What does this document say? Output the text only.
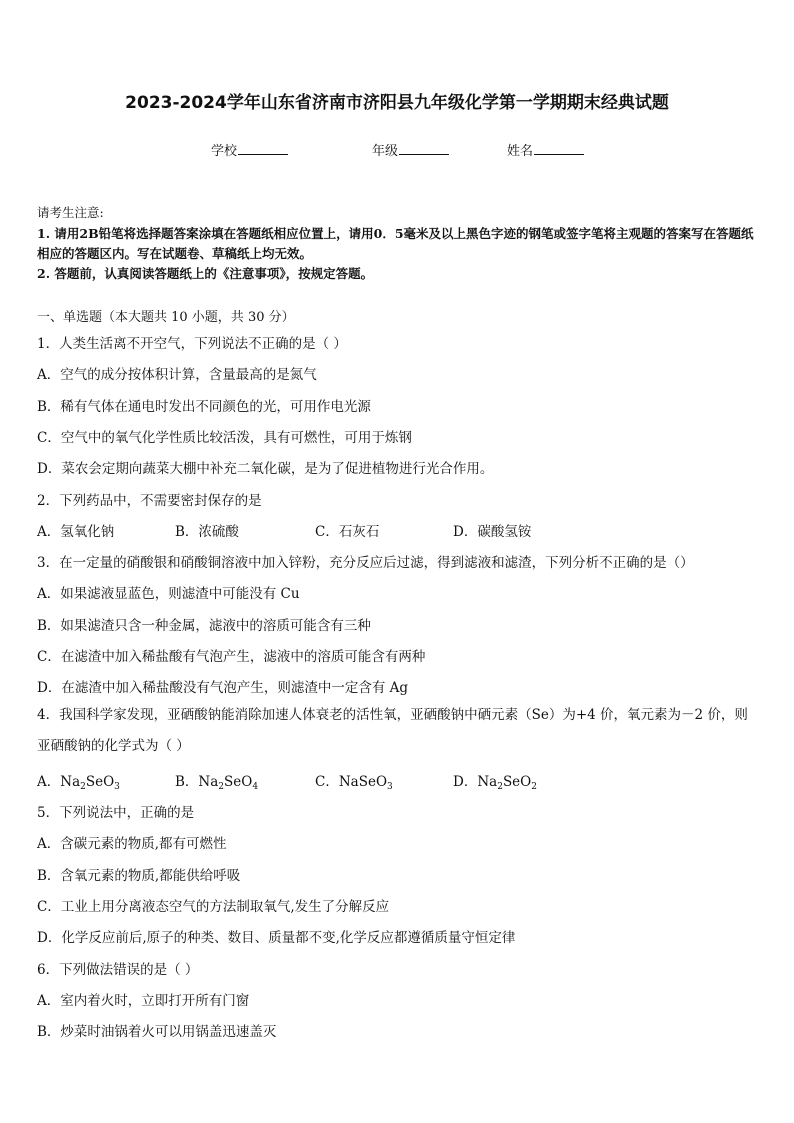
2023-2024学年山东省济南市济阳县九年级化学第一学期期末经典试题
学校	年级	姓名
请考生注意:
1. 请用2B铅笔将选择题答案涂填在答题纸相应位置上，请用0．5毫米及以上黑色字迹的钢笔或签字笔将主观题的答案写在答题纸相应的答题区内。写在试题卷、草稿纸上均无效。
2. 答题前，认真阅读答题纸上的《注意事项》，按规定答题。
一、单选题（本大题共 10 小题，共 30 分）
1．人类生活离不开空气，下列说法不正确的是（ ）
A．空气的成分按体积计算，含量最高的是氮气
B．稀有气体在通电时发出不同颜色的光，可用作电光源
C．空气中的氧气化学性质比较活泼，具有可燃性，可用于炼钢
D．菜农会定期向蔬菜大棚中补充二氧化碳，是为了促进植物进行光合作用。
2．下列药品中，不需要密封保存的是
A．氢氧化钠	B．浓硫酸	C．石灰石	D．碳酸氢铵
3．在一定量的硝酸银和硝酸铜溶液中加入锌粉，充分反应后过滤，得到滤液和滤渣，下列分析不正确的是（）
A．如果滤液显蓝色，则滤渣中可能没有 Cu
B．如果滤渣只含一种金属，滤液中的溶质可能含有三种
C．在滤渣中加入稀盐酸有气泡产生，滤液中的溶质可能含有两种
D．在滤渣中加入稀盐酸没有气泡产生，则滤渣中一定含有 Ag
4．我国科学家发现，亚硒酸钠能消除加速人体衰老的活性氧，亚硒酸钠中硒元素（Se）为+4 价，氧元素为－2 价，则亚硒酸钠的化学式为（ ）
A．$Na_2SeO_3$	B．$Na_2SeO_4$	C．NaSeO$_3$	D．$Na_2SeO_2$
5．下列说法中，正确的是
A．含碳元素的物质,都有可燃性
B．含氧元素的物质,都能供给呼吸
C．工业上用分离液态空气的方法制取氧气,发生了分解反应
D．化学反应前后,原子的种类、数目、质量都不变,化学反应都遵循质量守恒定律
6．下列做法错误的是（ ）
A．室内着火时，立即打开所有门窗
B．炒菜时油锅着火可以用锅盖迅速盖灭
